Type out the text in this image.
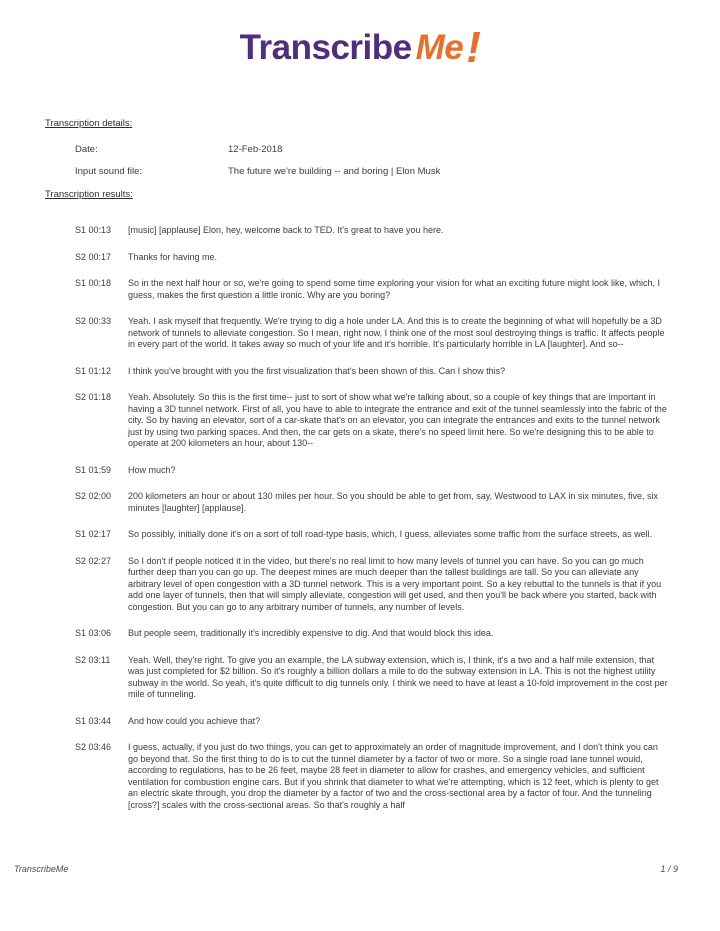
Transcribe Me!
Transcription details:
Date:	12-Feb-2018
Input sound file:	The future we're building -- and boring | Elon Musk
Transcription results:
S1 00:13	[music] [applause] Elon, hey, welcome back to TED. It's great to have you here.
S2 00:17	Thanks for having me.
S1 00:18	So in the next half hour or so, we're going to spend some time exploring your vision for what an exciting future might look like, which, I guess, makes the first question a little ironic. Why are you boring?
S2 00:33	Yeah. I ask myself that frequently. We're trying to dig a hole under LA. And this is to create the beginning of what will hopefully be a 3D network of tunnels to alleviate congestion. So I mean, right now, I think one of the most soul destroying things is traffic. It affects people in every part of the world. It takes away so much of your life and it's horrible. It's particularly horrible in LA [laughter]. And so--
S1 01:12	I think you've brought with you the first visualization that's been shown of this. Can I show this?
S2 01:18	Yeah. Absolutely. So this is the first time-- just to sort of show what we're talking about, so a couple of key things that are important in having a 3D tunnel network. First of all, you have to able to integrate the entrance and exit of the tunnel seamlessly into the fabric of the city. So by having an elevator, sort of a car-skate that's on an elevator, you can integrate the entrances and exits to the tunnel network just by using two parking spaces. And then, the car gets on a skate, there's no speed limit here. So we're designing this to be able to operate at 200 kilometers an hour, about 130--
S1 01:59	How much?
S2 02:00	200 kilometers an hour or about 130 miles per hour. So you should be able to get from, say, Westwood to LAX in six minutes, five, six minutes [laughter] [applause].
S1 02:17	So possibly, initially done it's on a sort of toll road-type basis, which, I guess, alleviates some traffic from the surface streets, as well.
S2 02:27	So I don't if people noticed it in the video, but there's no real limit to how many levels of tunnel you can have. So you can go much further deep than you can go up. The deepest mines are much deeper than the tallest buildings are tall. So you can alleviate any arbitrary level of open congestion with a 3D tunnel network. This is a very important point. So a key rebuttal to the tunnels is that if you add one layer of tunnels, then that will simply alleviate, congestion will get used, and then you'll be back where you started, back with congestion. But you can go to any arbitrary number of tunnels, any number of levels.
S1 03:06	But people seem, traditionally it's incredibly expensive to dig. And that would block this idea.
S2 03:11	Yeah. Well, they're right. To give you an example, the LA subway extension, which is, I think, it's a two and a half mile extension, that was just completed for $2 billion. So it's roughly a billion dollars a mile to do the subway extension in LA. This is not the highest utility subway in the world. So yeah, it's quite difficult to dig tunnels only. I think we need to have at least a 10-fold improvement in the cost per mile of tunneling.
S1 03:44	And how could you achieve that?
S2 03:46	I guess, actually, if you just do two things, you can get to approximately an order of magnitude improvement, and I don't think you can go beyond that. So the first thing to do is to cut the tunnel diameter by a factor of two or more. So a single road lane tunnel would, according to regulations, has to be 26 feet, maybe 28 feet in diameter to allow for crashes, and emergency vehicles, and sufficient ventilation for combustion engine cars. But if you shrink that diameter to what we're attempting, which is 12 feet, which is plenty to get an electric skate through, you drop the diameter by a factor of two and the cross-sectional area by a factor of four. And the tunneling [cross?] scales with the cross-sectional areas. So that's roughly a half
TranscribeMe	1 / 9
